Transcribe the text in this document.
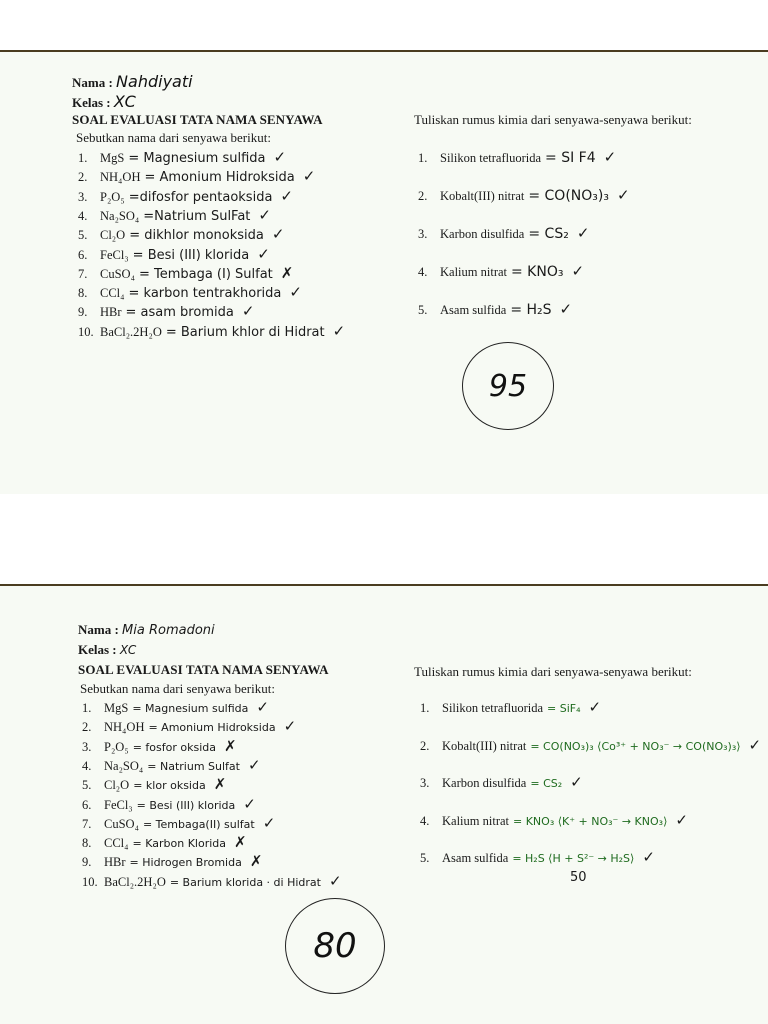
Nama : Nahdiyati
Kelas : XC
SOAL EVALUASI TATA NAMA SENYAWA
Sebutkan nama dari senyawa berikut:
Tuliskan rumus kimia dari senyawa-senyawa berikut:
1. MgS = Magnesium sulfida ✓
2. NH₄OH = Amonium Hidroksida ✓
3. P₂O₅ =difosfor pentaoksida ✓
4. Na₂SO₄ =Natrium SulFat ✓
5. Cl₂O = dikhlor monoksida ✓
6. FeCl₃ = Besi (III) klorida ✓
7. CuSO₄ = Tembaga (I) Sulfat ✗
8. CCl₄ = karbon tentrakhorida ✓
9. HBr = asam bromida ✓
10. BaCl₂.2H₂O = Barium khlor di Hidrat ✓
1. Silikon tetrafluorida = SI F4 ✓
2. Kobalt(III) nitrat = CO(NO₃)₃ ✓
3. Karbon disulfida = CS₂ ✓
4. Kalium nitrat = KNO₃ ✓
5. Asam sulfida = H₂S ✓
95
Nama : Mia Romadoni
Kelas : XC
SOAL EVALUASI TATA NAMA SENYAWA
Sebutkan nama dari senyawa berikut:
Tuliskan rumus kimia dari senyawa-senyawa berikut:
1. MgS = Magnesium sulfida ✓
2. NH₄OH = Amonium Hidroksida ✓
3. P₂O₅ = fosfor oksida ✗
4. Na₂SO₄ = Natrium Sulfat ✓
5. Cl₂O = klor oksida ✗
6. FeCl₃ = Besi (III) klorida ✓
7. CuSO₄ = Tembaga(II) sulfat ✓
8. CCl₄ = Karbon Klorida ✗
9. HBr = Hidrogen Bromida ✗
10. BaCl₂.2H₂O = Barium klorida · di Hidrat ✓
1. Silikon tetrafluorida = SiF₄ ✓
2. Kobalt(III) nitrat = CO(NO₃)₃ ⟨Co³⁺ + NO₃⁻ → CO(NO₃)₃⟩ ✓
3. Karbon disulfida = CS₂ ✓
4. Kalium nitrat = KNO₃ ⟨K⁺ + NO₃⁻ → KNO₃⟩ ✓
5. Asam sulfida = H₂S ⟨H + S²⁻ → H₂S⟩ ✓
50
80
